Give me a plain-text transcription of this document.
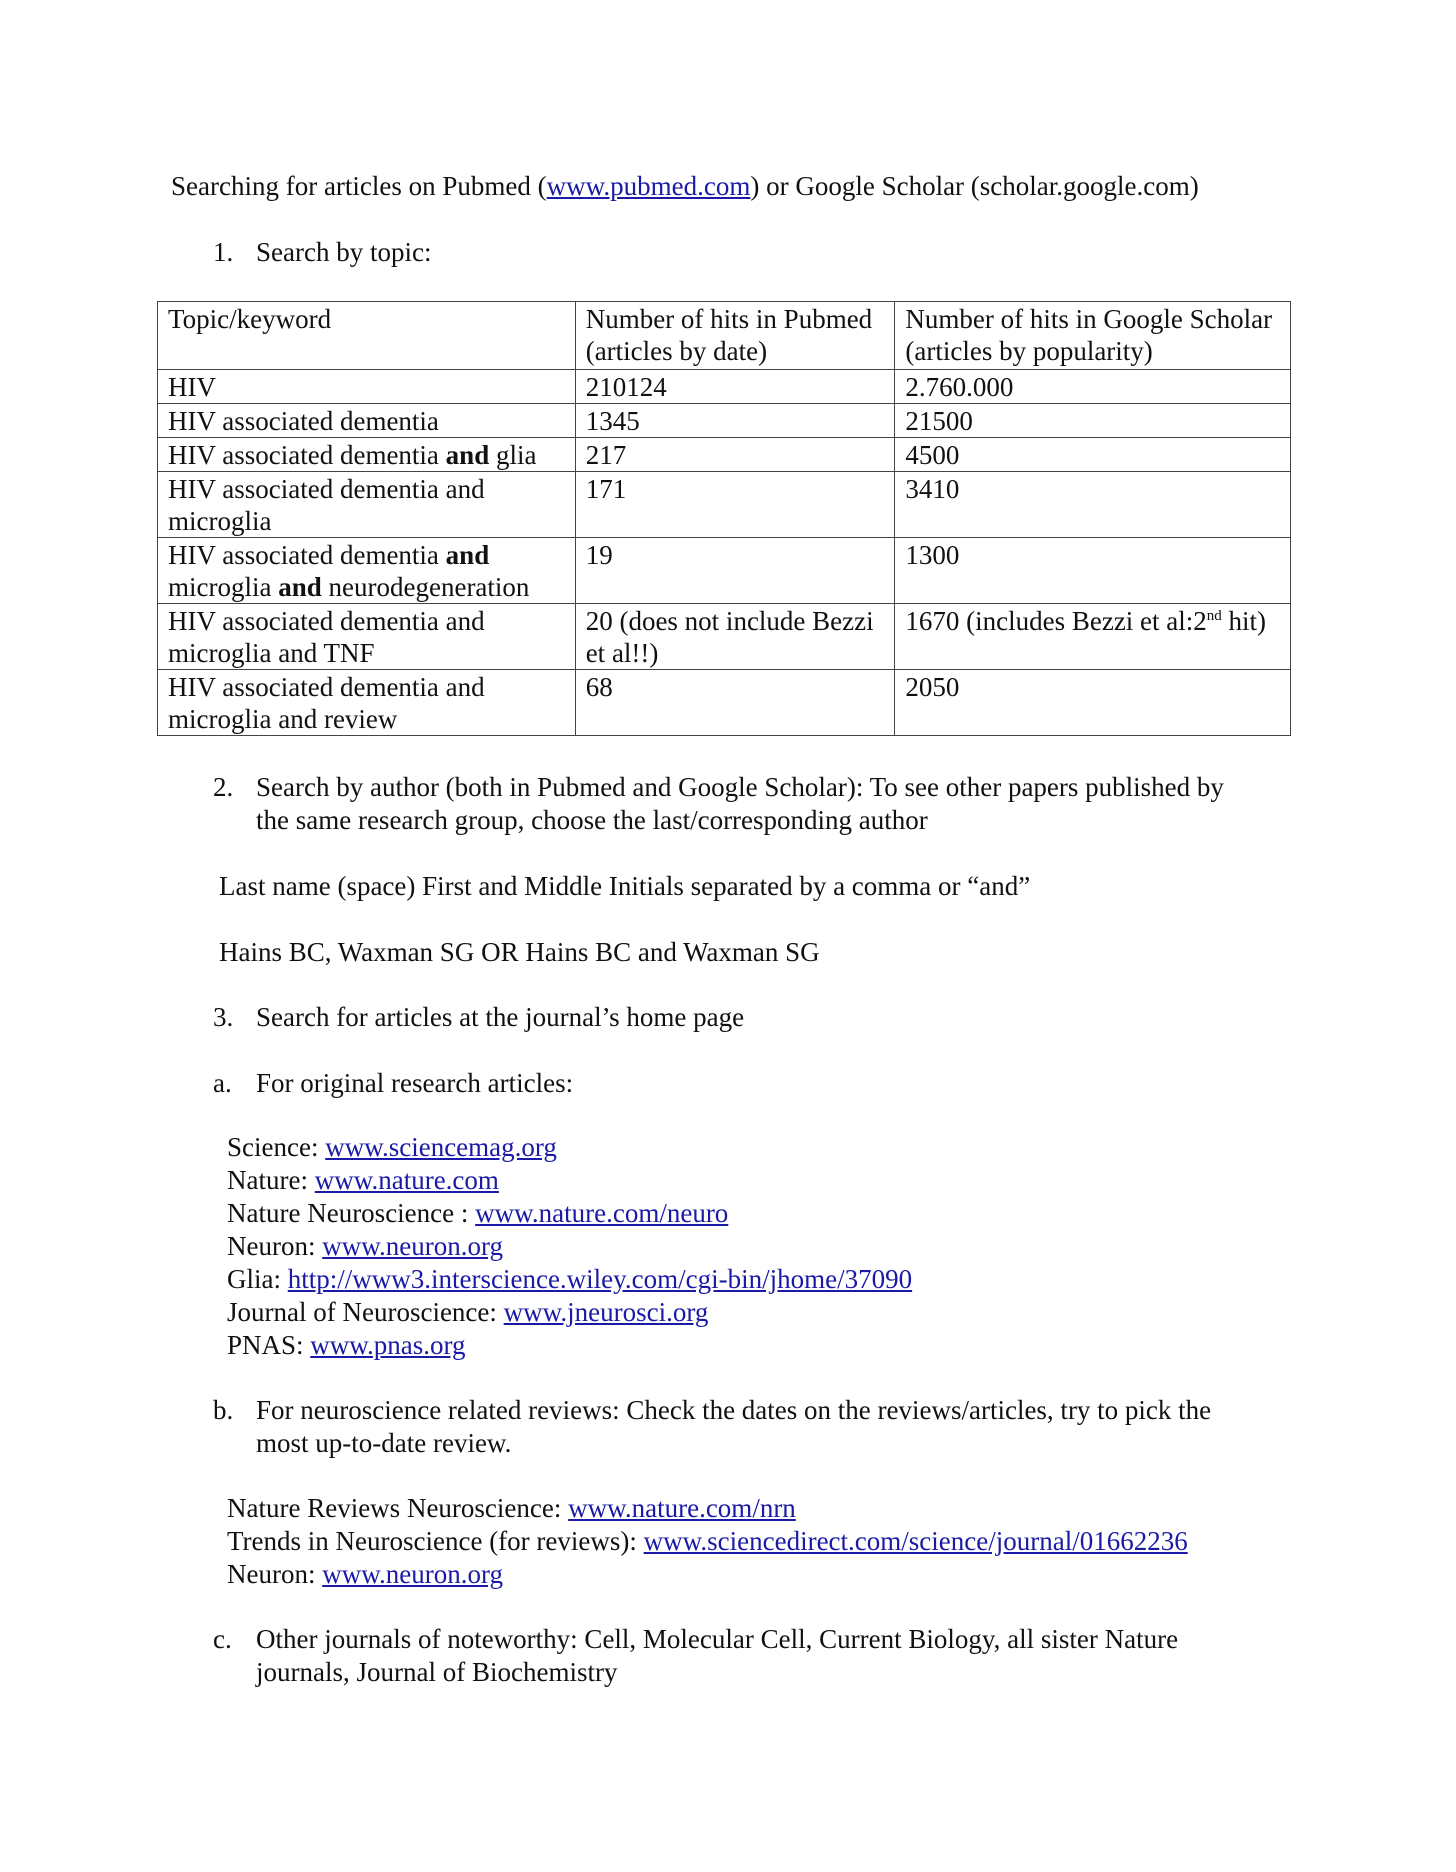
Searching for articles on Pubmed (www.pubmed.com) or Google Scholar (scholar.google.com)
1. Search by topic:
Topic/keyword	Number of hits in Pubmed (articles by date)	Number of hits in Google Scholar (articles by popularity)
HIV	210124	2.760.000
HIV associated dementia	1345	21500
HIV associated dementia and glia	217	4500
HIV associated dementia and microglia	171	3410
HIV associated dementia and microglia and neurodegeneration	19	1300
HIV associated dementia and microglia and TNF	20 (does not include Bezzi et al!!)	1670 (includes Bezzi et al:2nd hit)
HIV associated dementia and microglia and review	68	2050
2. Search by author (both in Pubmed and Google Scholar): To see other papers published by
the same research group, choose the last/corresponding author
Last name (space) First and Middle Initials separated by a comma or “and”
Hains BC, Waxman SG OR Hains BC and Waxman SG
3. Search for articles at the journal’s home page
a. For original research articles:
Science: www.sciencemag.org
Nature: www.nature.com
Nature Neuroscience : www.nature.com/neuro
Neuron: www.neuron.org
Glia: http://www3.interscience.wiley.com/cgi-bin/jhome/37090
Journal of Neuroscience: www.jneurosci.org
PNAS: www.pnas.org
b. For neuroscience related reviews: Check the dates on the reviews/articles, try to pick the
most up-to-date review.
Nature Reviews Neuroscience: www.nature.com/nrn
Trends in Neuroscience (for reviews): www.sciencedirect.com/science/journal/01662236
Neuron: www.neuron.org
c. Other journals of noteworthy: Cell, Molecular Cell, Current Biology, all sister Nature
journals, Journal of Biochemistry
